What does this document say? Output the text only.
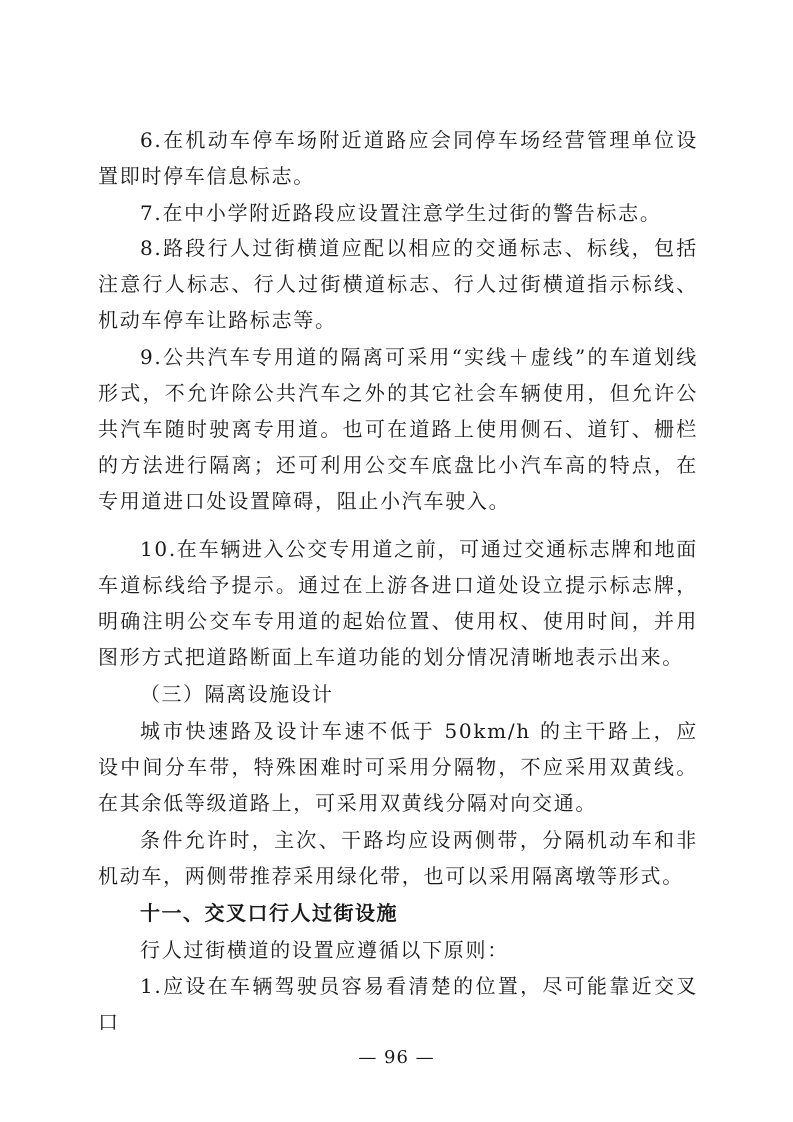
6.在机动车停车场附近道路应会同停车场经营管理单位设置即时停车信息标志。

7.在中小学附近路段应设置注意学生过街的警告标志。

8.路段行人过街横道应配以相应的交通标志、标线，包括注意行人标志、行人过街横道标志、行人过街横道指示标线、机动车停车让路标志等。

9.公共汽车专用道的隔离可采用“实线＋虚线”的车道划线形式，不允许除公共汽车之外的其它社会车辆使用，但允许公共汽车随时驶离专用道。也可在道路上使用侧石、道钉、栅栏的方法进行隔离；还可利用公交车底盘比小汽车高的特点，在专用道进口处设置障碍，阻止小汽车驶入。

10.在车辆进入公交专用道之前，可通过交通标志牌和地面车道标线给予提示。通过在上游各进口道处设立提示标志牌，明确注明公交车专用道的起始位置、使用权、使用时间，并用图形方式把道路断面上车道功能的划分情况清晰地表示出来。

（三）隔离设施设计

城市快速路及设计车速不低于 50km/h 的主干路上，应设中间分车带，特殊困难时可采用分隔物，不应采用双黄线。在其余低等级道路上，可采用双黄线分隔对向交通。

条件允许时，主次、干路均应设两侧带，分隔机动车和非机动车，两侧带推荐采用绿化带，也可以采用隔离墩等形式。

十一、交叉口行人过街设施

行人过街横道的设置应遵循以下原则：

1.应设在车辆驾驶员容易看清楚的位置，尽可能靠近交叉口

— 96 —
